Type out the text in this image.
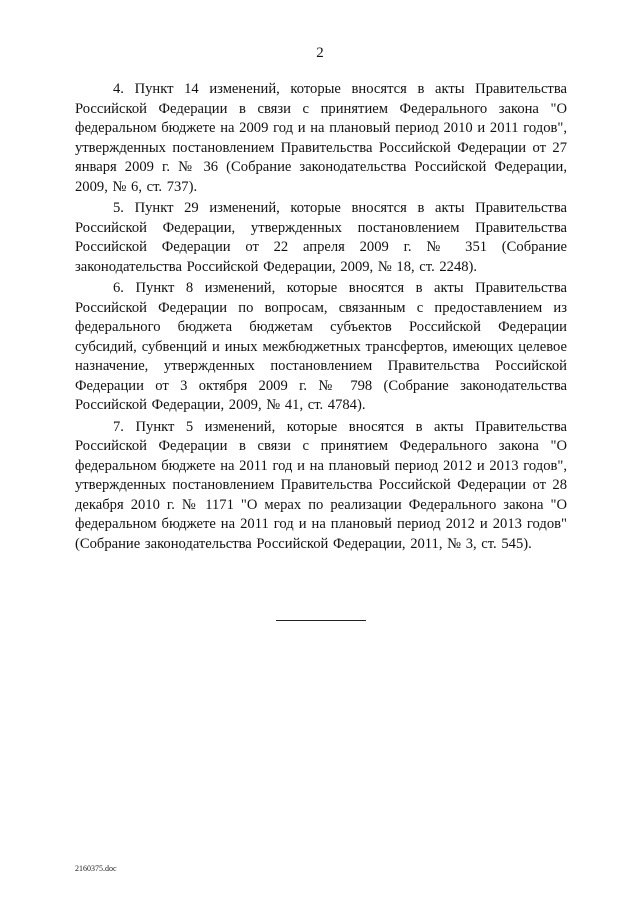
2

4. Пункт 14 изменений, которые вносятся в акты Правительства Российской Федерации в связи с принятием Федерального закона "О федеральном бюджете на 2009 год и на плановый период 2010 и 2011 годов", утвержденных постановлением Правительства Российской Федерации от 27 января 2009 г. № 36 (Собрание законодательства Российской Федерации, 2009, № 6, ст. 737).

5. Пункт 29 изменений, которые вносятся в акты Правительства Российской Федерации, утвержденных постановлением Правительства Российской Федерации от 22 апреля 2009 г. № 351 (Собрание законодательства Российской Федерации, 2009, № 18, ст. 2248).

6. Пункт 8 изменений, которые вносятся в акты Правительства Российской Федерации по вопросам, связанным с предоставлением из федерального бюджета бюджетам субъектов Российской Федерации субсидий, субвенций и иных межбюджетных трансфертов, имеющих целевое назначение, утвержденных постановлением Правительства Российской Федерации от 3 октября 2009 г. № 798 (Собрание законодательства Российской Федерации, 2009, № 41, ст. 4784).

7. Пункт 5 изменений, которые вносятся в акты Правительства Российской Федерации в связи с принятием Федерального закона "О федеральном бюджете на 2011 год и на плановый период 2012 и 2013 годов", утвержденных постановлением Правительства Российской Федерации от 28 декабря 2010 г. № 1171 "О мерах по реализации Федерального закона "О федеральном бюджете на 2011 год и на плановый период 2012 и 2013 годов" (Собрание законодательства Российской Федерации, 2011, № 3, ст. 545).

2160375.doc
